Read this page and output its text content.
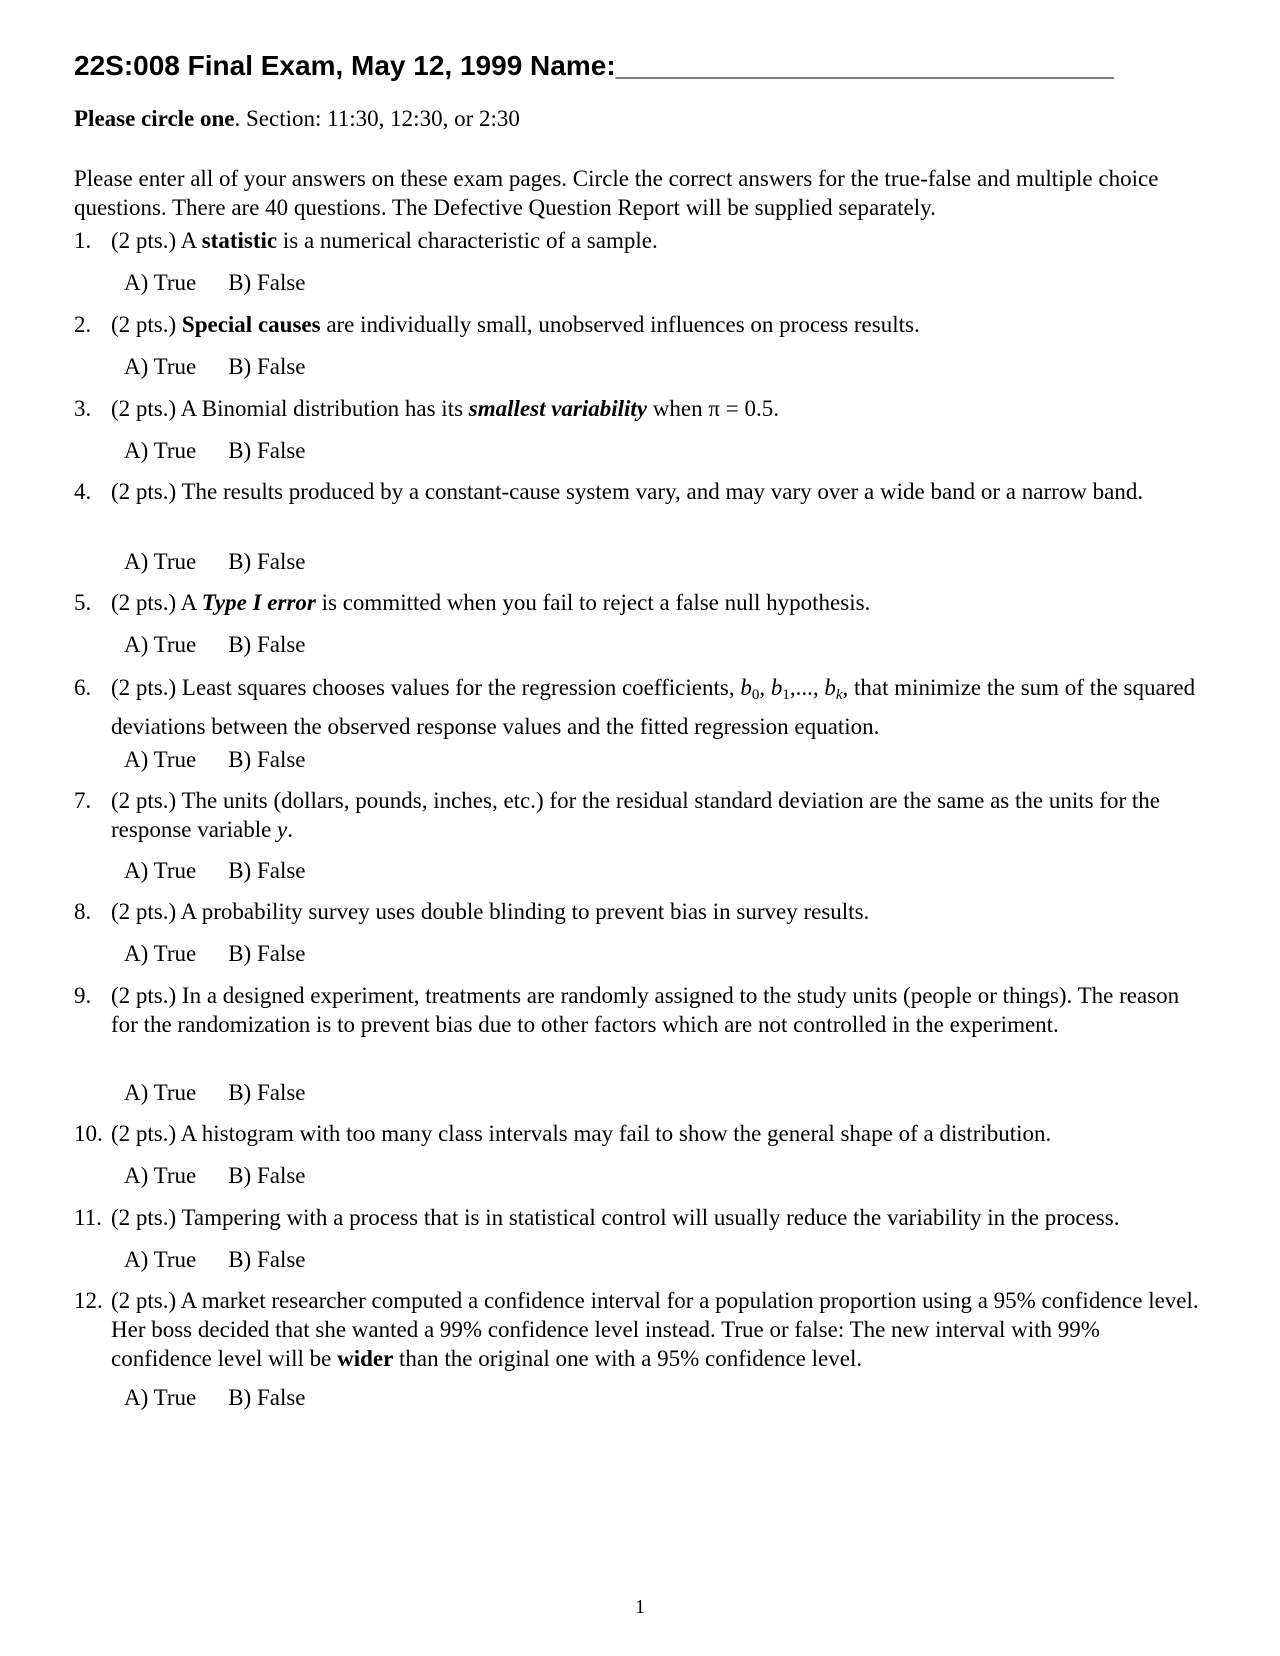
22S:008 Final Exam, May 12, 1999 Name:________________________________
Please circle one. Section: 11:30, 12:30, or 2:30

Please enter all of your answers on these exam pages. Circle the correct answers for the true-false and multiple choice questions. There are 40 questions. The Defective Question Report will be supplied separately.

1. (2 pts.) A statistic is a numerical characteristic of a sample.
A) True B) False
2. (2 pts.) Special causes are individually small, unobserved influences on process results.
A) True B) False
3. (2 pts.) A Binomial distribution has its smallest variability when π = 0.5.
A) True B) False
4. (2 pts.) The results produced by a constant-cause system vary, and may vary over a wide band or a narrow band.
A) True B) False
5. (2 pts.) A Type I error is committed when you fail to reject a false null hypothesis.
A) True B) False
6. (2 pts.) Least squares chooses values for the regression coefficients, $b_0$, $b_1$,..., $b_k$, that minimize the sum of the squared deviations between the observed response values and the fitted regression equation.
A) True B) False
7. (2 pts.) The units (dollars, pounds, inches, etc.) for the residual standard deviation are the same as the units for the response variable y.
A) True B) False
8. (2 pts.) A probability survey uses double blinding to prevent bias in survey results.
A) True B) False
9. (2 pts.) In a designed experiment, treatments are randomly assigned to the study units (people or things). The reason for the randomization is to prevent bias due to other factors which are not controlled in the experiment.
A) True B) False
10. (2 pts.) A histogram with too many class intervals may fail to show the general shape of a distribution.
A) True B) False
11. (2 pts.) Tampering with a process that is in statistical control will usually reduce the variability in the process.
A) True B) False
12. (2 pts.) A market researcher computed a confidence interval for a population proportion using a 95% confidence level. Her boss decided that she wanted a 99% confidence level instead. True or false: The new interval with 99% confidence level will be wider than the original one with a 95% confidence level.
A) True B) False
1
